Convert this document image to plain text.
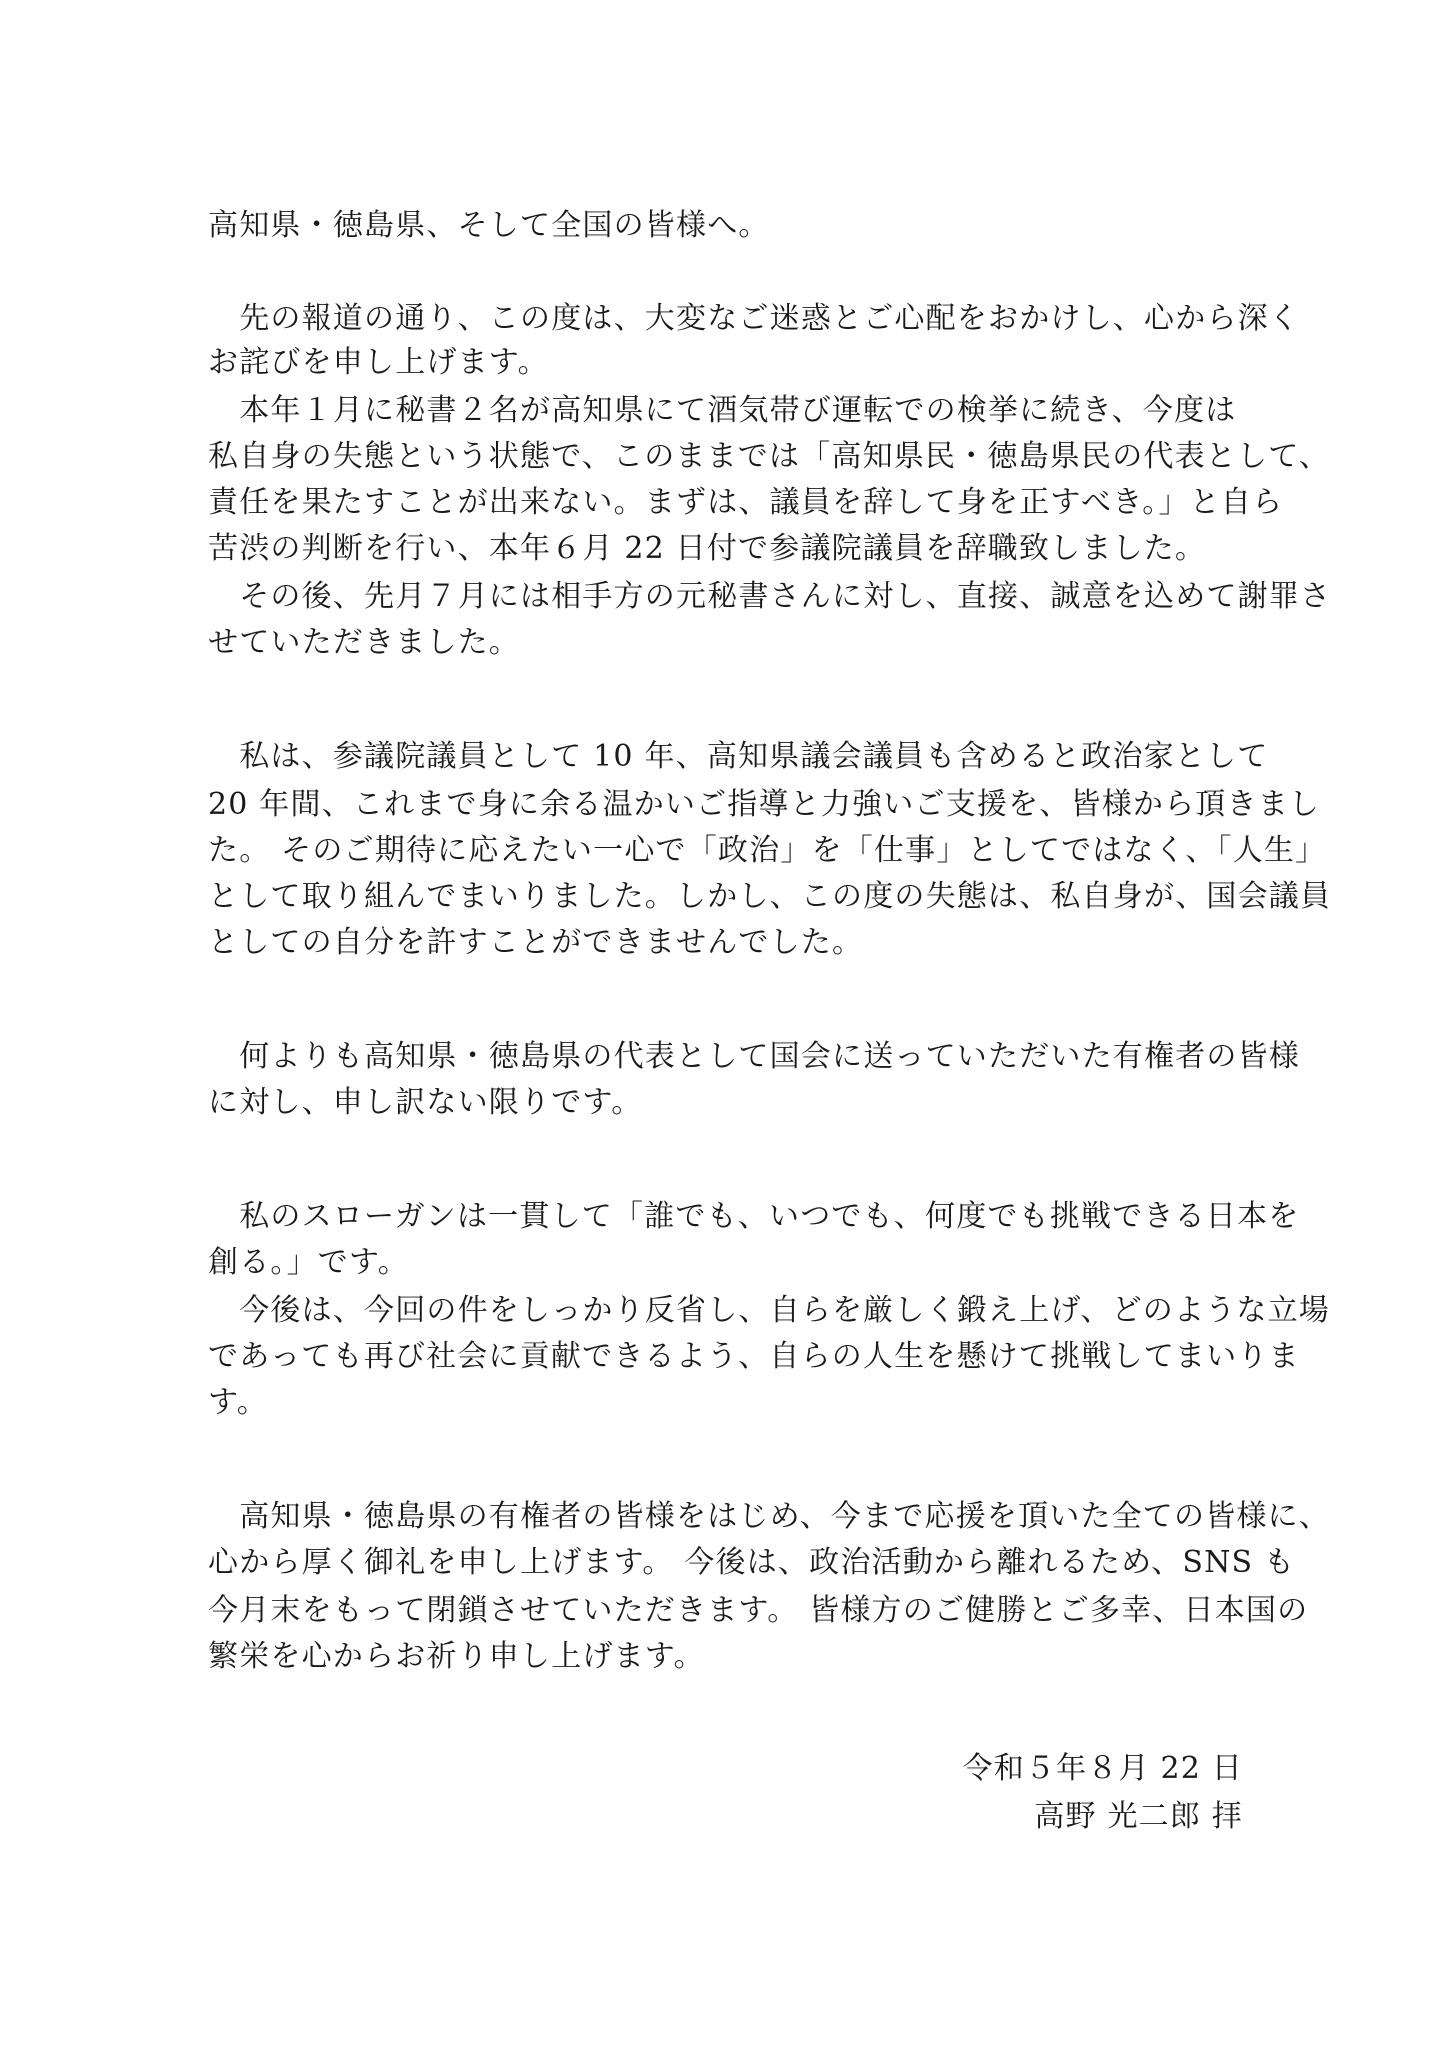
高知県・徳島県、そして全国の皆様へ。
　先の報道の通り、この度は、大変なご迷惑とご心配をおかけし、心から深く
お詫びを申し上げます。
　本年１月に秘書２名が高知県にて酒気帯び運転での検挙に続き、今度は
私自身の失態という状態で、このままでは「高知県民・徳島県民の代表として、
責任を果たすことが出来ない。まずは、議員を辞して身を正すべき。」と自ら
苦渋の判断を行い、本年６月 22 日付で参議院議員を辞職致しました。
　その後、先月７月には相手方の元秘書さんに対し、直接、誠意を込めて謝罪さ
せていただきました。
　私は、参議院議員として 10 年、高知県議会議員も含めると政治家として
20 年間、これまで身に余る温かいご指導と力強いご支援を、皆様から頂きまし
た。 そのご期待に応えたい一心で「政治」を「仕事」としてではなく、「人生」
として取り組んでまいりました。しかし、この度の失態は、私自身が、国会議員
としての自分を許すことができませんでした。
　何よりも高知県・徳島県の代表として国会に送っていただいた有権者の皆様
に対し、申し訳ない限りです。
　私のスローガンは一貫して「誰でも、いつでも、何度でも挑戦できる日本を
創る。」です。
　今後は、今回の件をしっかり反省し、自らを厳しく鍛え上げ、どのような立場
であっても再び社会に貢献できるよう、自らの人生を懸けて挑戦してまいりま
す。
　高知県・徳島県の有権者の皆様をはじめ、今まで応援を頂いた全ての皆様に、
心から厚く御礼を申し上げます。 今後は、政治活動から離れるため、SNS も
今月末をもって閉鎖させていただきます。 皆様方のご健勝とご多幸、日本国の
繁栄を心からお祈り申し上げます。
令和５年８月 22 日
高野 光二郎 拝
